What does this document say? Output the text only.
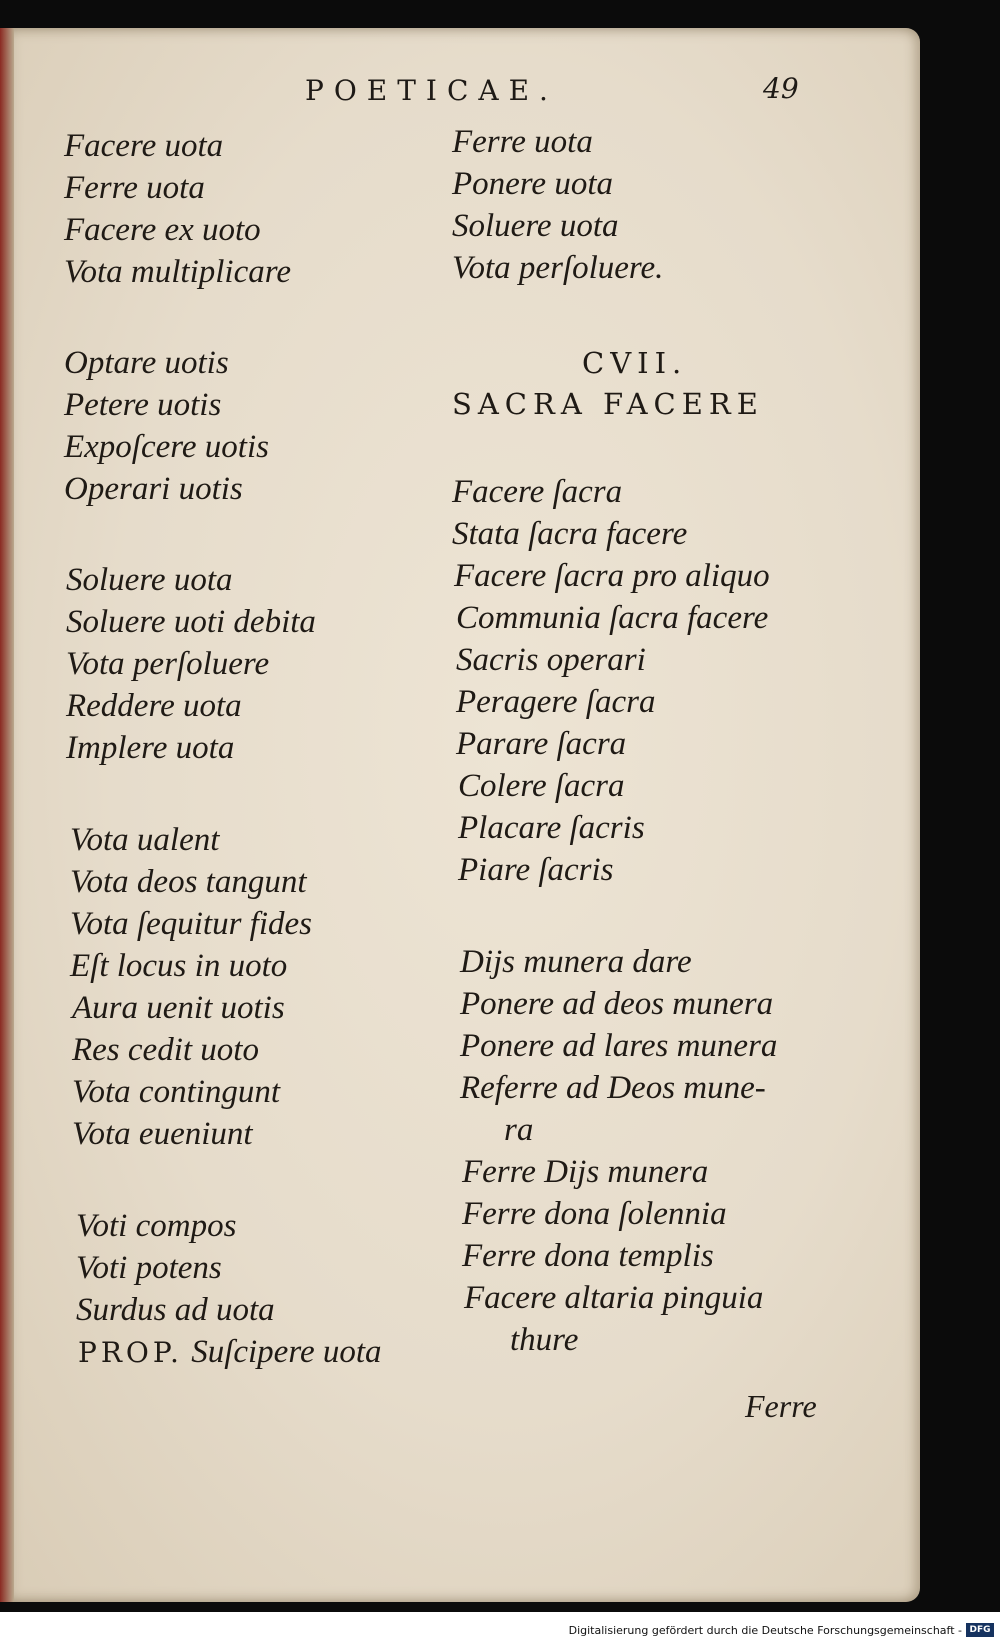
POETICAE.	49
Facere uota
Ferre uota
Facere ex uoto
Vota multiplicare
Optare uotis
Petere uotis
Expoſcere uotis
Operari uotis
Soluere uota
Soluere uoti debita
Vota perſoluere
Reddere uota
Implere uota
Vota ualent
Vota deos tangunt
Vota ſequitur fides
Eſt locus in uoto
Aura uenit uotis
Res cedit uoto
Vota contingunt
Vota eueniunt
Voti compos
Voti potens
Surdus ad uota
PROP. Suſcipere uota
Ferre uota
Ponere uota
Soluere uota
Vota perſoluere.
CVII.
SACRA FACERE
Facere ſacra
Stata ſacra facere
Facere ſacra pro aliquo
Communia ſacra facere
Sacris operari
Peragere ſacra
Parare ſacra
Colere ſacra
Placare ſacris
Piare ſacris
Dijs munera dare
Ponere ad deos munera
Ponere ad lares munera
Referre ad Deos mune-
ra
Ferre Dijs munera
Ferre dona ſolennia
Ferre dona templis
Facere altaria pinguia
thure
Ferre
Digitalisierung gefördert durch die Deutsche Forschungsgemeinschaft - DFG
